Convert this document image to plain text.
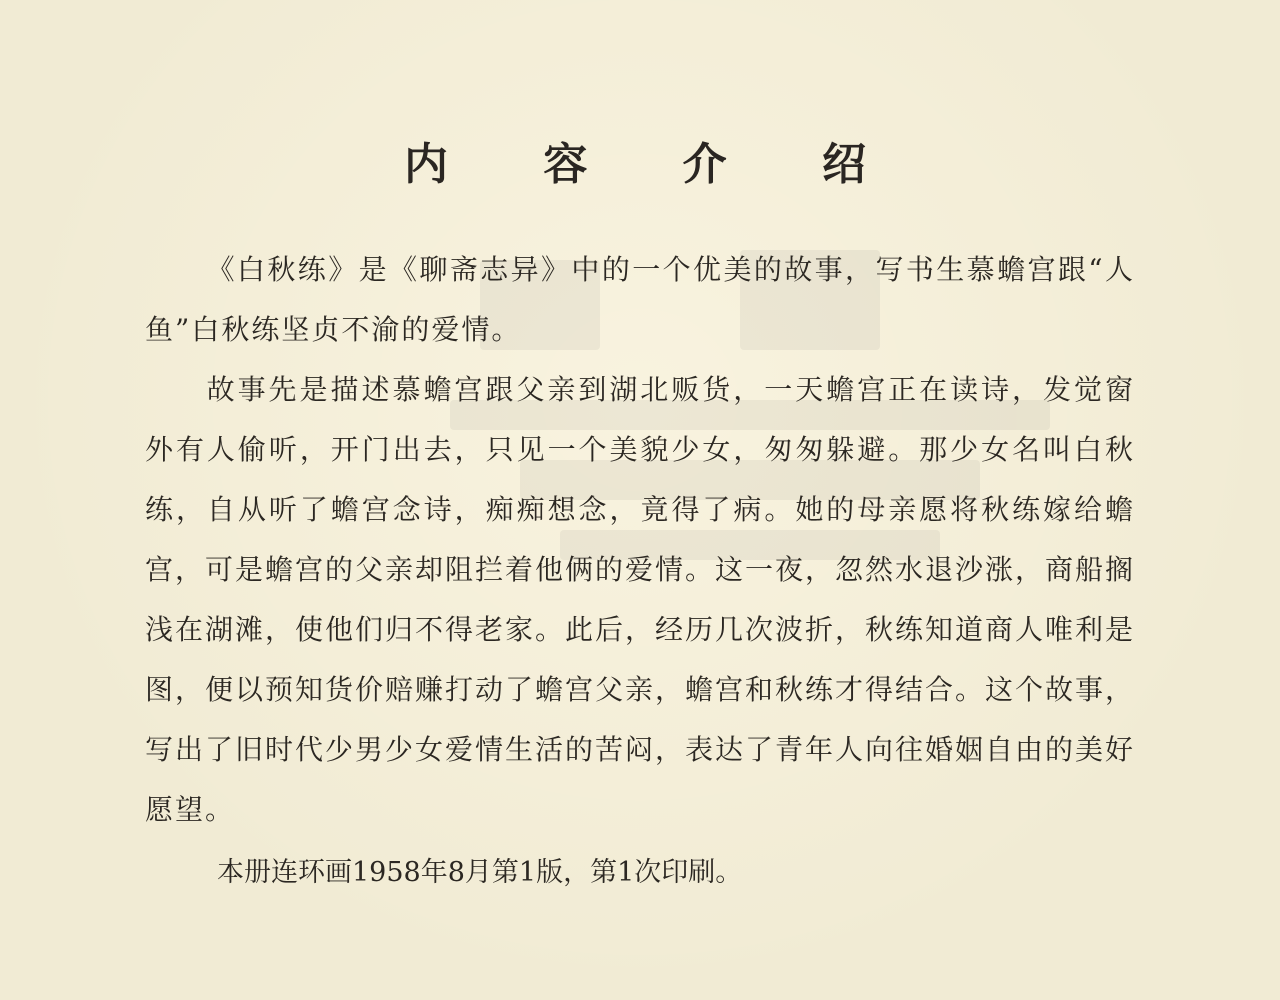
内 容 介 绍

《白秋练》是《聊斋志异》中的一个优美的故事，写书生慕蟾宫跟“人鱼”白秋练坚贞不渝的爱情。

故事先是描述慕蟾宫跟父亲到湖北贩货，一天蟾宫正在读诗，发觉窗外有人偷听，开门出去，只见一个美貌少女，匆匆躲避。那少女名叫白秋练，自从听了蟾宫念诗，痴痴想念，竟得了病。她的母亲愿将秋练嫁给蟾宫，可是蟾宫的父亲却阻拦着他俩的爱情。这一夜，忽然水退沙涨，商船搁浅在湖滩，使他们归不得老家。此后，经历几次波折，秋练知道商人唯利是图，便以预知货价赔赚打动了蟾宫父亲，蟾宫和秋练才得结合。这个故事，写出了旧时代少男少女爱情生活的苦闷，表达了青年人向往婚姻自由的美好愿望。

本册连环画1958年8月第1版，第1次印刷。
